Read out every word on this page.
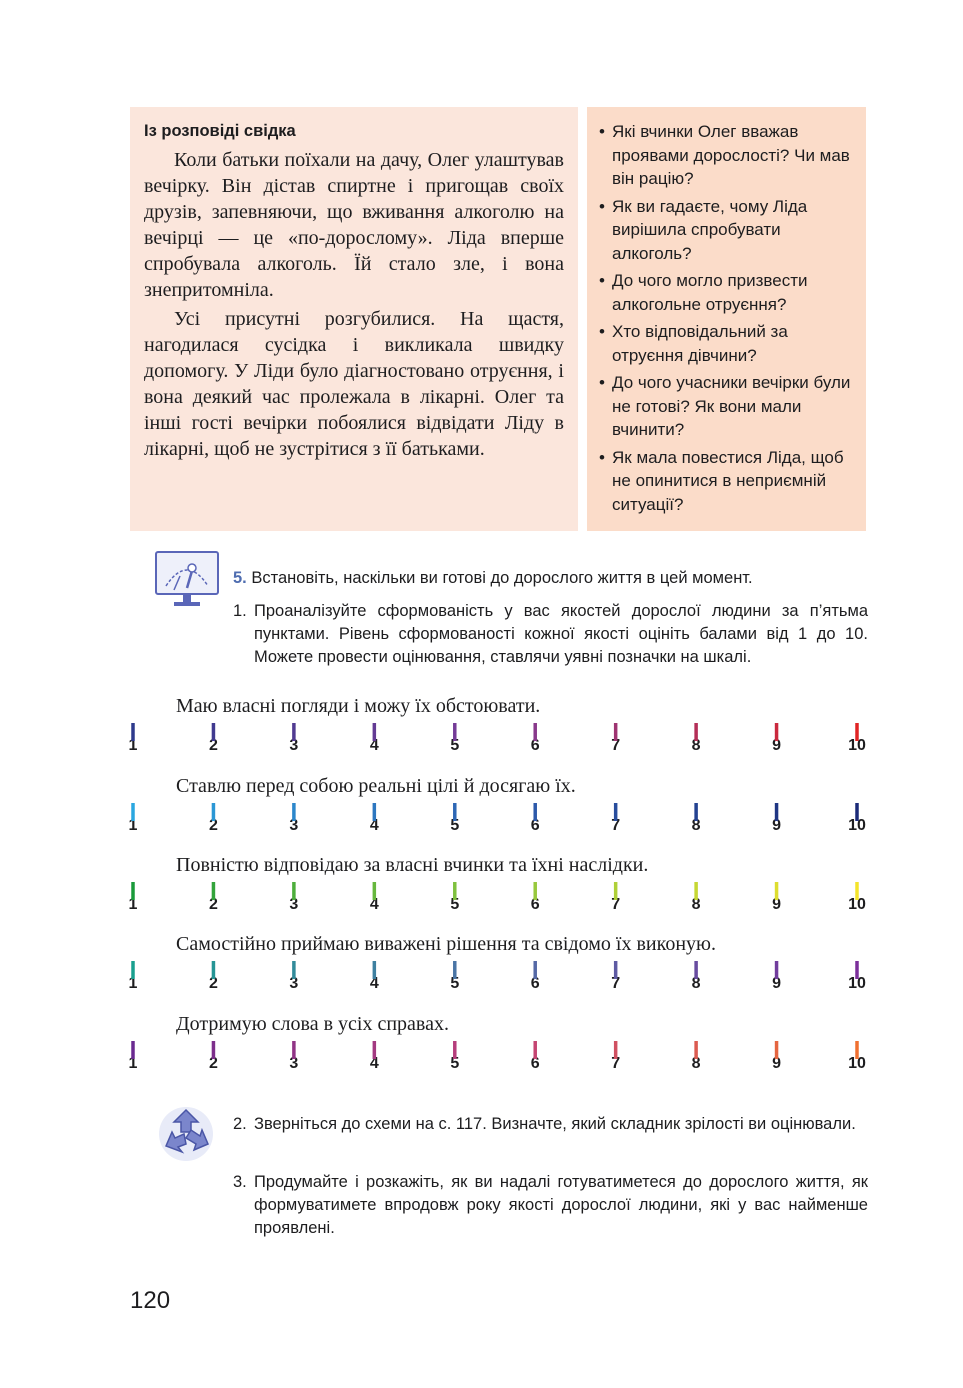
Із розповіді свідка

Коли батьки поїхали на дачу, Олег улаштував вечірку. Він дістав спиртне і пригощав своїх друзів, запевняючи, що вживання алкоголю на вечірці — це «по-дорослому». Ліда вперше спробувала алкоголь. Їй стало зле, і вона знепритомніла.

Усі присутні розгубилися. На щастя, нагодилася сусідка і викликала швидку допомогу. У Ліди було діагностовано отруєння, і вона деякий час пролежала в лікарні. Олег та інші гості вечірки побоялися відвідати Ліду в лікарні, щоб не зустрітися з її батьками.

• Які вчинки Олег вважав проявами дорослості? Чи мав він рацію?
• Як ви гадаєте, чому Ліда вирішила спробувати алкоголь?
• До чого могло призвести алкогольне отруєння?
• Хто відповідальний за отруєння дівчини?
• До чого учасники вечірки були не готові? Як вони мали вчинити?
• Як мала повестися Ліда, щоб не опинитися в неприємній ситуації?
5. Встановіть, наскільки ви готові до дорослого життя в цей момент.
1. Проаналізуйте сформованість у вас якостей дорослої людини за п’ятьма пунктами. Рівень сформованості кожної якості оцініть балами від 1 до 10. Можете провести оцінювання, ставлячи уявні позначки на шкалі.
Маю власні погляди і можу їх обстоювати.
1	2	3	4	5	6	7	8	9	10
Ставлю перед собою реальні цілі й досягаю їх.
1	2	3	4	5	6	7	8	9	10
Повністю відповідаю за власні вчинки та їхні наслідки.
1	2	3	4	5	6	7	8	9	10
Самостійно приймаю виважені рішення та свідомо їх виконую.
1	2	3	4	5	6	7	8	9	10
Дотримую слова в усіх справах.
1	2	3	4	5	6	7	8	9	10
2. Зверніться до схеми на с. 117. Визначте, який складник зрілості ви оцінювали.
3. Продумайте і розкажіть, як ви надалі готуватиметеся до дорослого життя, як формуватимете впродовж року якості дорослої людини, які у вас найменше проявлені.
120
